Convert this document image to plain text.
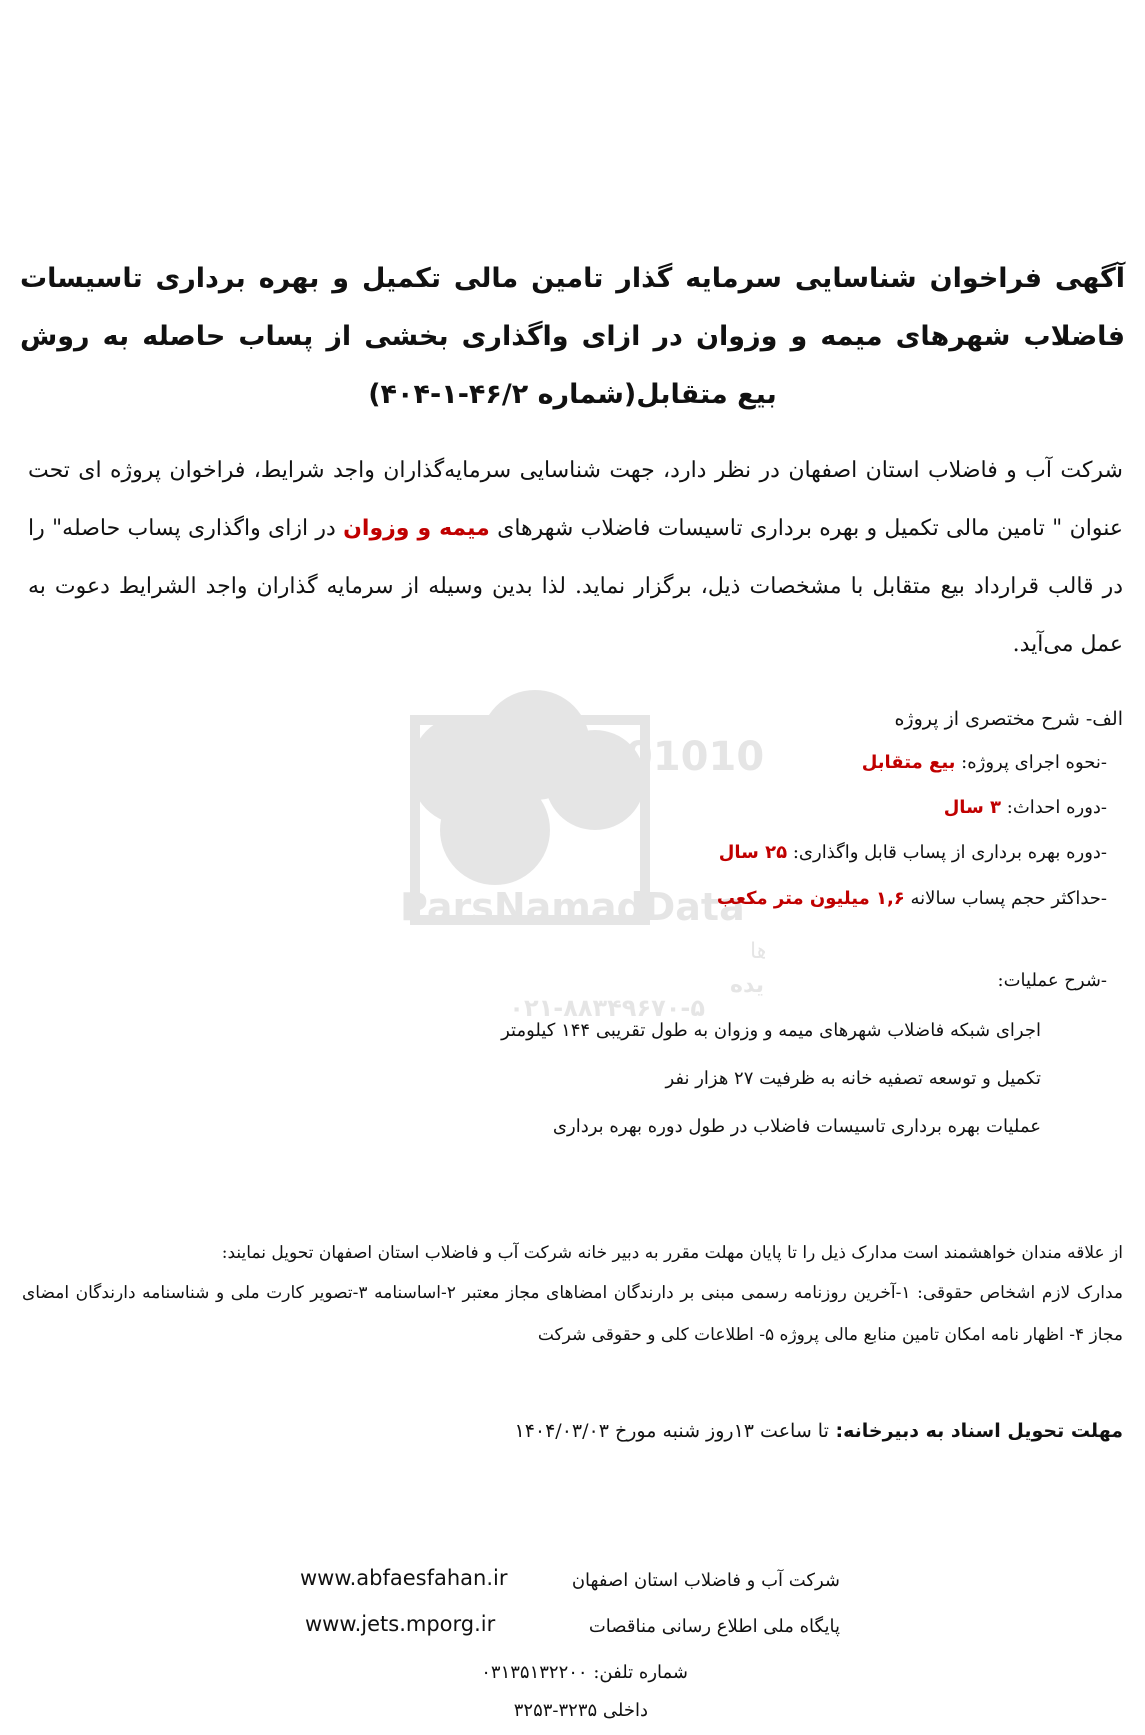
01010
ParsNamadData
ها
یده
۰۲۱-۸۸۳۴۹۶۷۰-۵
آگهی فراخوان شناسایی سرمایه گذار تامین مالی تکمیل و بهره برداری تاسیسات فاضلاب شهرهای میمه و وزوان در ازای واگذاری بخشی از پساب حاصله به روش بیع متقابل(شماره ۴۶/۲-۱-۴۰۴)
شرکت آب و فاضلاب استان اصفهان در نظر دارد، جهت شناسایی سرمایه‌گذاران واجد شرایط، فراخوان پروژه ای تحت عنوان " تامین مالی تکمیل و بهره برداری تاسیسات فاضلاب شهرهای میمه و وزوان در ازای واگذاری پساب حاصله" را در قالب قرارداد بیع متقابل با مشخصات ذیل، برگزار نماید. لذا بدین وسیله از سرمایه گذاران واجد الشرایط دعوت به عمل می‌آید.
الف- شرح مختصری از پروژه
-نحوه اجرای پروژه: بیع متقابل
-دوره احداث: ۳ سال
-دوره بهره برداری از پساب قابل واگذاری: ۲۵ سال
-حداکثر حجم پساب سالانه ۱,۶ میلیون متر مکعب
-شرح عملیات:
اجرای شبکه فاضلاب شهرهای میمه و وزوان به طول تقریبی ۱۴۴ کیلومتر
تکمیل و توسعه تصفیه خانه به ظرفیت ۲۷ هزار نفر
عملیات بهره برداری تاسیسات فاضلاب در طول دوره بهره برداری
از علاقه مندان خواهشمند است مدارک ذیل را تا پایان مهلت مقرر به دبیر خانه شرکت آب و فاضلاب استان اصفهان تحویل نمایند:
مدارک لازم اشخاص حقوقی: ۱-آخرین روزنامه رسمی مبنی بر دارندگان امضاهای مجاز معتبر ۲-اساسنامه ۳-تصویر کارت ملی و شناسنامه دارندگان امضای مجاز ۴- اظهار نامه امکان تامین منابع مالی پروژه ۵- اطلاعات کلی و حقوقی شرکت
مهلت تحویل اسناد به دبیرخانه: تا ساعت ۱۳روز شنبه مورخ ۱۴۰۴/۰۳/۰۳
www.abfaesfahan.ir	شرکت آب و فاضلاب استان اصفهان
www.jets.mporg.ir	پایگاه ملی اطلاع رسانی مناقصات
شماره تلفن: ۰۳۱۳۵۱۳۲۲۰۰
داخلی ۳۲۳۵-۳۲۵۳
